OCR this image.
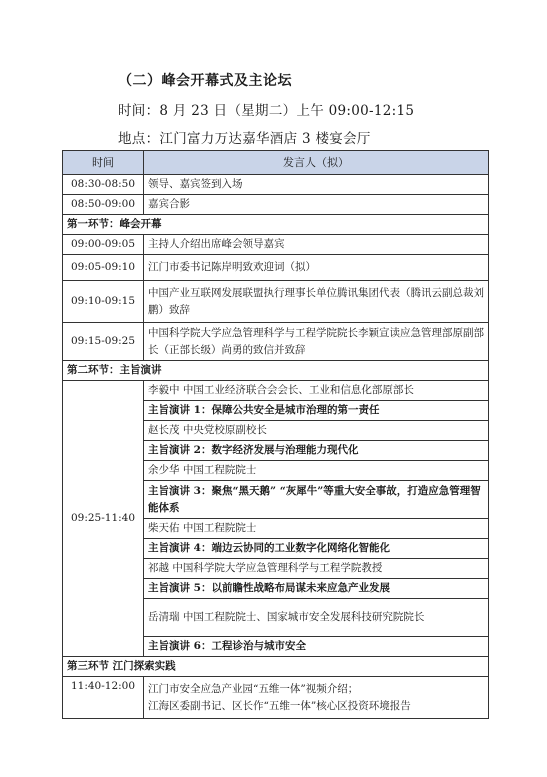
（二）峰会开幕式及主论坛
时间：8 月 23 日（星期二）上午 09:00-12:15
地点：江门富力万达嘉华酒店 3 楼宴会厅
时间	发言人（拟）
08:30-08:50	领导、嘉宾签到入场
08:50-09:00	嘉宾合影
第一环节：峰会开幕	
09:00-09:05	主持人介绍出席峰会领导嘉宾
09:05-09:10	江门市委书记陈岸明致欢迎词（拟）
09:10-09:15	中国产业互联网发展联盟执行理事长单位腾讯集团代表（腾讯云副总裁刘鹏）致辞
09:15-09:25	中国科学院大学应急管理科学与工程学院院长李颖宣读应急管理部原副部长（正部长级）尚勇的致信并致辞
第二环节：主旨演讲	
09:25-11:40	李毅中 中国工业经济联合会会长、工业和信息化部原部长
	主旨演讲 1：保障公共安全是城市治理的第一责任
	赵长茂 中央党校原副校长
	主旨演讲 2：数字经济发展与治理能力现代化
	余少华 中国工程院院士
	主旨演讲 3：聚焦“黑天鹅” “灰犀牛”等重大安全事故，打造应急管理智能体系
	柴天佑 中国工程院院士
	主旨演讲 4：端边云协同的工业数字化网络化智能化
	祁越 中国科学院大学应急管理科学与工程学院教授
	主旨演讲 5：以前瞻性战略布局谋未来应急产业发展
	岳清瑞 中国工程院院士、国家城市安全发展科技研究院院长
	主旨演讲 6：工程诊治与城市安全
第三环节 江门探索实践	
11:40-12:00	江门市安全应急产业园“五维一体”视频介绍；
江海区委副书记、区长作“五维一体”核心区投资环境报告
